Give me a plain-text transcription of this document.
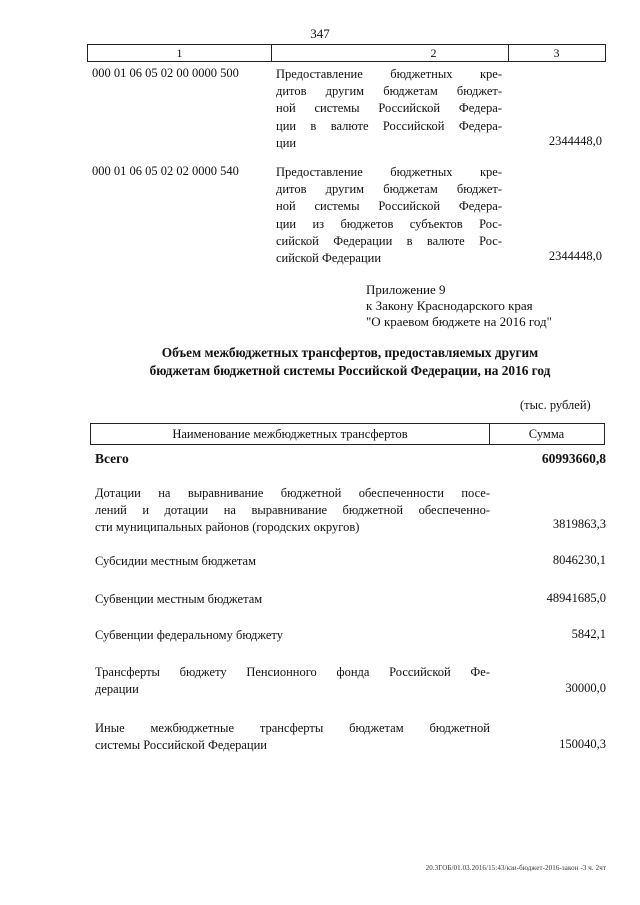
347
1	2	3
000 01 06 05 02 00 0000 500	Предоставление бюджетных кре-
дитов другим бюджетам бюджет-
ной системы Российской Федера-
ции в валюте Российской Федера-
ции	2344448,0
000 01 06 05 02 02 0000 540	Предоставление бюджетных кре-
дитов другим бюджетам бюджет-
ной системы Российской Федера-
ции из бюджетов субъектов Рос-
сийской Федерации в валюте Рос-
сийской Федерации	2344448,0
Приложение 9
к Закону Краснодарского края
"О краевом бюджете на 2016 год"
Объем межбюджетных трансфертов, предоставляемых другим
бюджетам бюджетной системы Российской Федерации, на 2016 год
(тыс. рублей)
Наименование межбюджетных трансфертов	Сумма
Всего	60993660,8
Дотации на выравнивание бюджетной обеспеченности посе-
лений и дотации на выравнивание бюджетной обеспеченно-
сти муниципальных районов (городских округов)	3819863,3
Субсидии местным бюджетам	8046230,1
Субвенции местным бюджетам	48941685,0
Субвенции федеральному бюджету	5842,1
Трансферты бюджету Пенсионного фонда Российской Фе-
дерации	30000,0
Иные межбюджетные трансферты бюджетам бюджетной
системы Российской Федерации	150040,3
20.3ГОБ/01.03.2016/15:43/кзи-бюджет-2016-закон -3 ч. 2чт
